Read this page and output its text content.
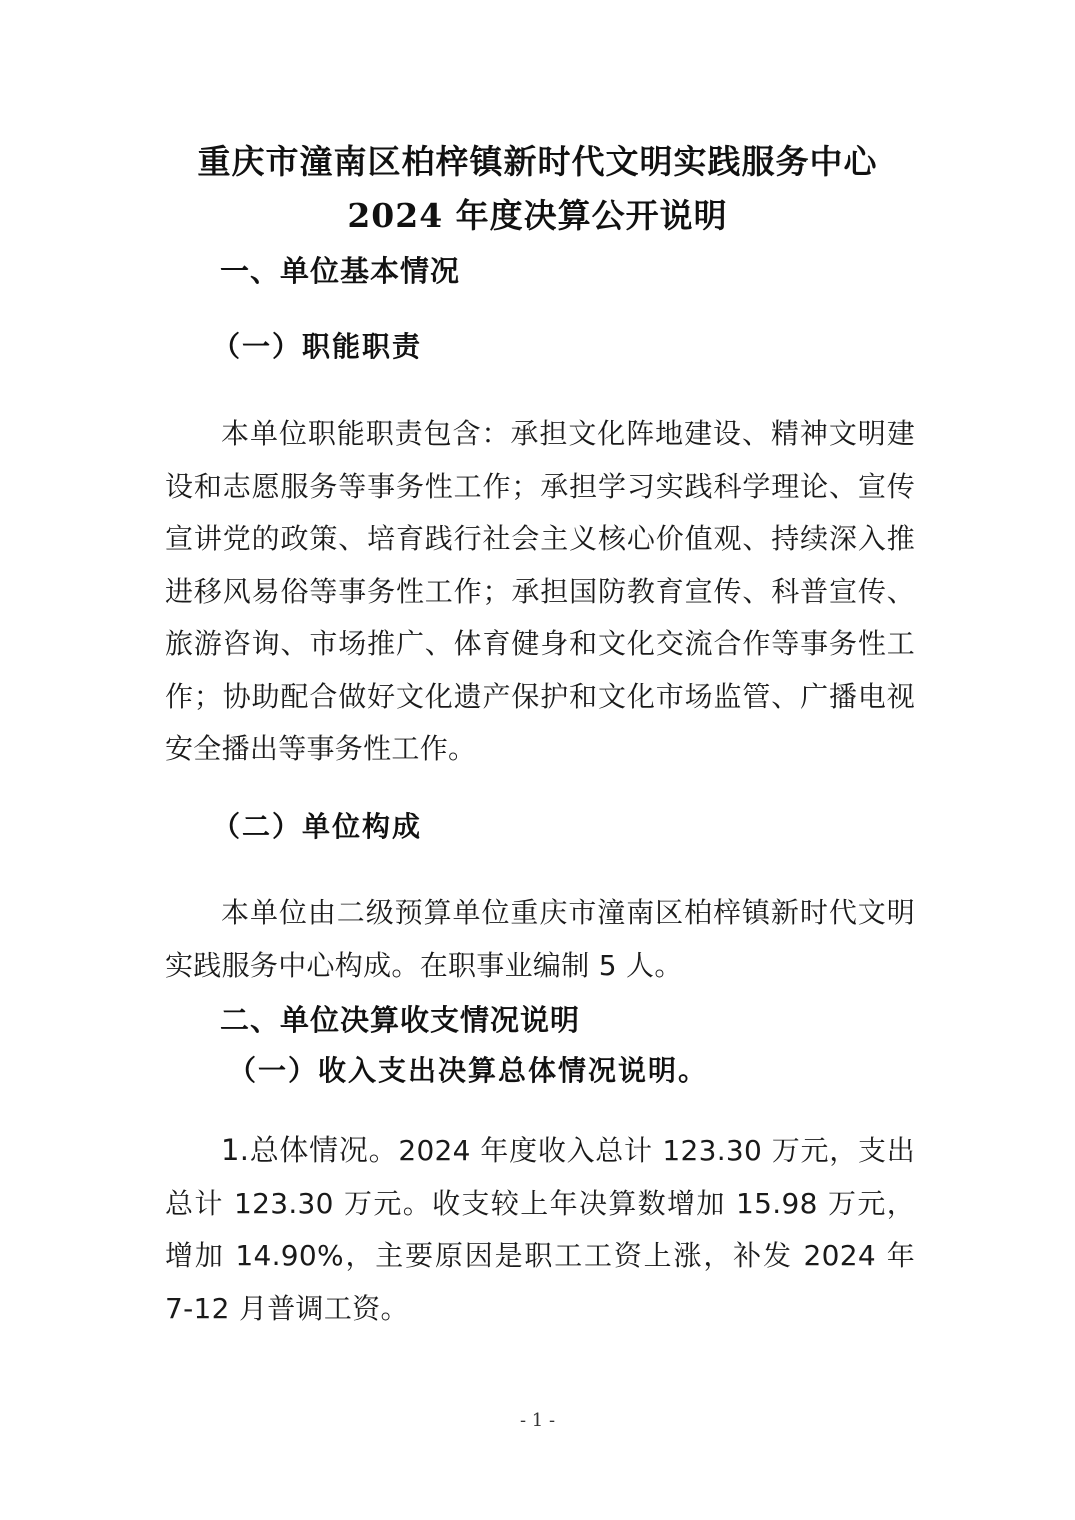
重庆市潼南区柏梓镇新时代文明实践服务中心
2024 年度决算公开说明
一、单位基本情况
（一）职能职责

本单位职能职责包含：承担文化阵地建设、精神文明建设和志愿服务等事务性工作；承担学习实践科学理论、宣传宣讲党的政策、培育践行社会主义核心价值观、持续深入推进移风易俗等事务性工作；承担国防教育宣传、科普宣传、旅游咨询、市场推广、体育健身和文化交流合作等事务性工作；协助配合做好文化遗产保护和文化市场监管、广播电视安全播出等事务性工作。

（二）单位构成

本单位由二级预算单位重庆市潼南区柏梓镇新时代文明实践服务中心构成。在职事业编制 5 人。

二、单位决算收支情况说明
（一）收入支出决算总体情况说明。

1.总体情况。2024 年度收入总计 123.30 万元，支出总计 123.30 万元。收支较上年决算数增加 15.98 万元，增加 14.90%，主要原因是职工工资上涨，补发 2024 年 7-12 月普调工资。

- 1 -
